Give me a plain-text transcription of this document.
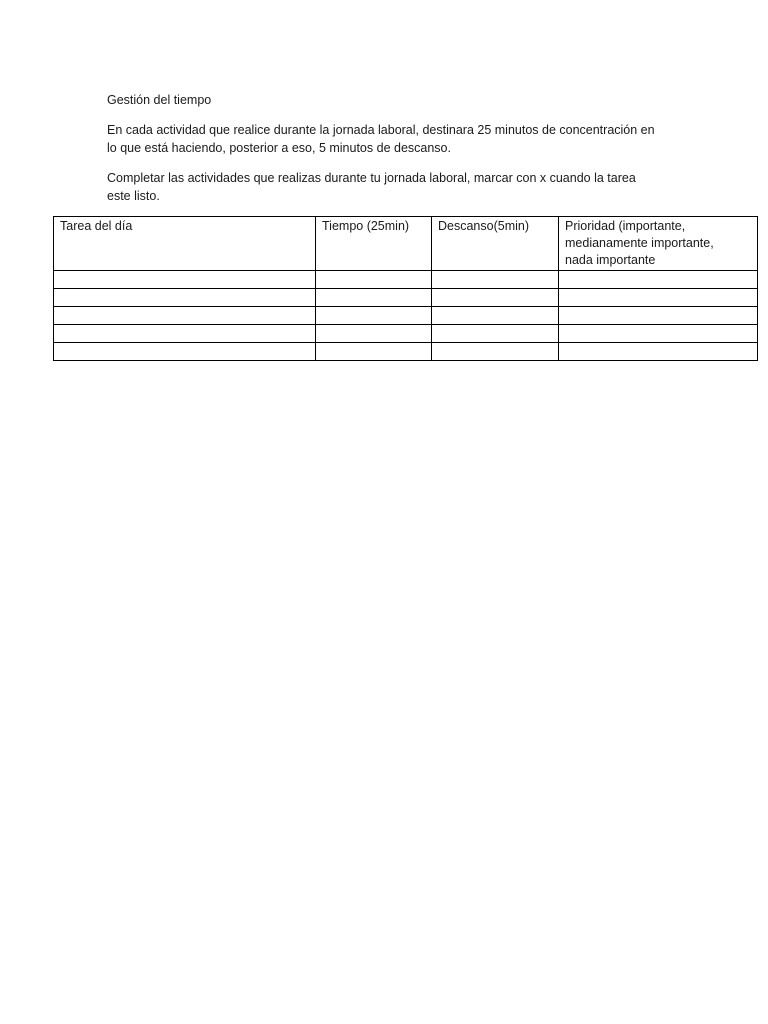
Gestión del tiempo

En cada actividad que realice durante la jornada laboral, destinara 25 minutos de concentración en
lo que está haciendo, posterior a eso, 5 minutos de descanso.

Completar las actividades que realizas durante tu jornada laboral, marcar con x cuando la tarea
este listo.

Tarea del día	Tiempo (25min)	Descanso(5min)	Prioridad (importante,
medianamente importante,
nada importante
